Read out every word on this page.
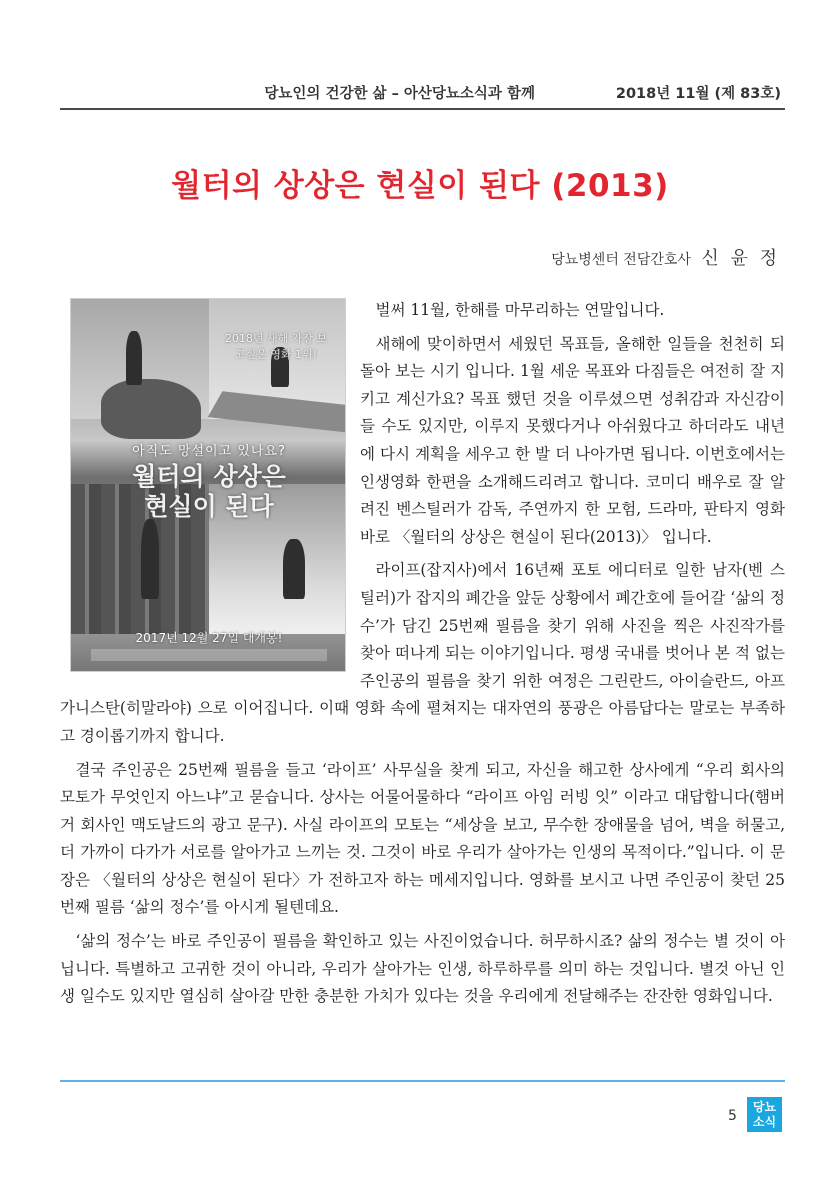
당뇨인의 건강한 삶 – 아산당뇨소식과 함께	2018년 11월 (제 83호)
월터의 상상은 현실이 된다 (2013)
당뇨병센터 전담간호사 신 윤 정

벌써 11월, 한해를 마무리하는 연말입니다.

새해에 맞이하면서 세웠던 목표들, 올해한 일들을 천천히 되돌아 보는 시기 입니다. 1월 세운 목표와 다짐들은 여전히 잘 지키고 계신가요? 목표 했던 것을 이루셨으면 성취감과 자신감이 들 수도 있지만, 이루지 못했다거나 아쉬웠다고 하더라도 내년에 다시 계획을 세우고 한 발 더 나아가면 됩니다. 이번호에서는 인생영화 한편을 소개해드리려고 합니다. 코미디 배우로 잘 알려진 벤스틸러가 감독, 주연까지 한 모험, 드라마, 판타지 영화 바로 〈월터의 상상은 현실이 된다(2013)〉 입니다.

라이프(잡지사)에서 16년째 포토 에디터로 일한 남자(벤 스틸러)가 잡지의 폐간을 앞둔 상황에서 폐간호에 들어갈 ‘삶의 정수’가 담긴 25번째 필름을 찾기 위해 사진을 찍은 사진작가를 찾아 떠나게 되는 이야기입니다. 평생 국내를 벗어나 본 적 없는 주인공의 필름을 찾기 위한 여정은 그린란드, 아이슬란드, 아프가니스탄(히말라야) 으로 이어집니다. 이때 영화 속에 펼쳐지는 대자연의 풍광은 아름답다는 말로는 부족하고 경이롭기까지 합니다.

결국 주인공은 25번째 필름을 들고 ‘라이프’ 사무실을 찾게 되고, 자신을 해고한 상사에게 “우리 회사의 모토가 무엇인지 아느냐”고 묻습니다. 상사는 어물어물하다 “라이프 아임 러빙 잇” 이라고 대답합니다(햄버거 회사인 맥도날드의 광고 문구). 사실 라이프의 모토는 “세상을 보고, 무수한 장애물을 넘어, 벽을 허물고, 더 가까이 다가가 서로를 알아가고 느끼는 것. 그것이 바로 우리가 살아가는 인생의 목적이다.”입니다. 이 문장은 〈월터의 상상은 현실이 된다〉가 전하고자 하는 메세지입니다. 영화를 보시고 나면 주인공이 찾던 25번째 필름 ‘삶의 정수’를 아시게 될텐데요.

‘삶의 정수’는 바로 주인공이 필름을 확인하고 있는 사진이었습니다. 허무하시죠? 삶의 정수는 별 것이 아닙니다. 특별하고 고귀한 것이 아니라, 우리가 살아가는 인생, 하루하루를 의미 하는 것입니다. 별것 아닌 인생 일수도 있지만 열심히 살아갈 만한 충분한 가치가 있다는 것을 우리에게 전달해주는 잔잔한 영화입니다.

2018년 새해 가장 보고싶은 영화 1위!
아직도 망설이고 있나요?
월터의 상상은
현실이 된다
2017년 12월 27일 대개봉!
5
당뇨
소식
